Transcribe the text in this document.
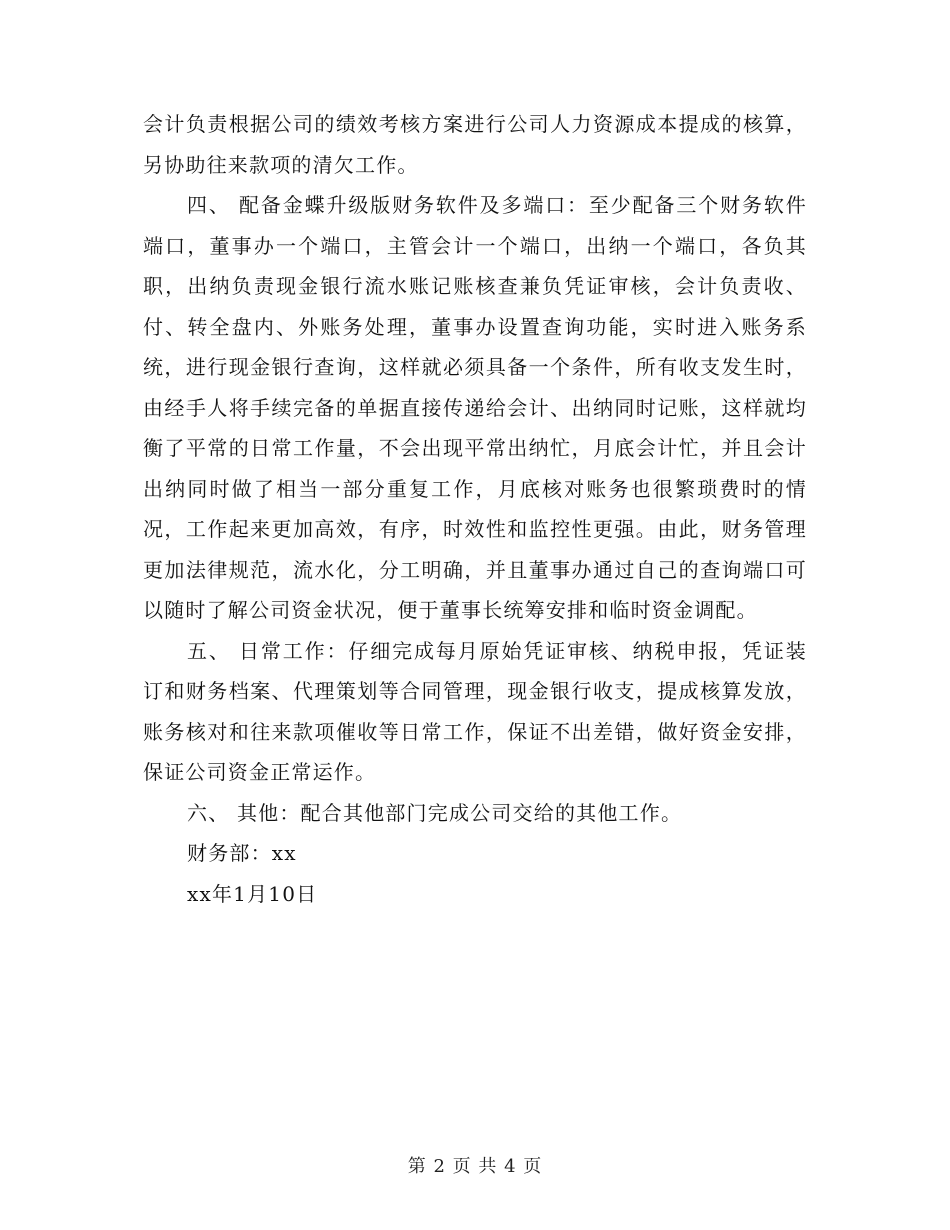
会计负责根据公司的绩效考核方案进行公司人力资源成本提成的核算，另协助往来款项的清欠工作。

四、 配备金蝶升级版财务软件及多端口：至少配备三个财务软件端口，董事办一个端口，主管会计一个端口，出纳一个端口，各负其职，出纳负责现金银行流水账记账核查兼负凭证审核，会计负责收、付、转全盘内、外账务处理，董事办设置查询功能，实时进入账务系统，进行现金银行查询，这样就必须具备一个条件，所有收支发生时，由经手人将手续完备的单据直接传递给会计、出纳同时记账，这样就均衡了平常的日常工作量，不会出现平常出纳忙，月底会计忙，并且会计出纳同时做了相当一部分重复工作，月底核对账务也很繁琐费时的情况，工作起来更加高效，有序，时效性和监控性更强。由此，财务管理更加法律规范，流水化，分工明确，并且董事办通过自己的查询端口可以随时了解公司资金状况，便于董事长统筹安排和临时资金调配。

五、 日常工作：仔细完成每月原始凭证审核、纳税申报，凭证装订和财务档案、代理策划等合同管理，现金银行收支，提成核算发放，账务核对和往来款项催收等日常工作，保证不出差错，做好资金安排，保证公司资金正常运作。

六、 其他：配合其他部门完成公司交给的其他工作。

财务部：xx

xx年1月10日

第 2 页 共 4 页
